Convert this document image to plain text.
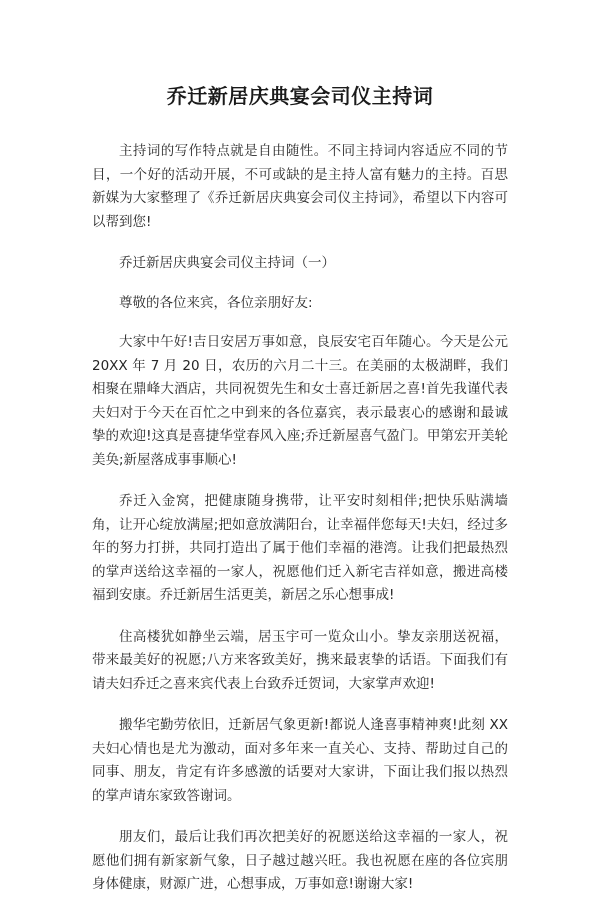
乔迁新居庆典宴会司仪主持词

主持词的写作特点就是自由随性。不同主持词内容适应不同的节目，一个好的活动开展，不可或缺的是主持人富有魅力的主持。百思新媒为大家整理了《乔迁新居庆典宴会司仪主持词》，希望以下内容可以帮到您!

乔迁新居庆典宴会司仪主持词（一）

尊敬的各位来宾，各位亲朋好友:

大家中午好!吉日安居万事如意，良辰安宅百年随心。今天是公元 20XX 年 7 月 20 日，农历的六月二十三。在美丽的太极湖畔，我们相聚在鼎峰大酒店，共同祝贺先生和女士喜迁新居之喜!首先我谨代表夫妇对于今天在百忙之中到来的各位嘉宾，表示最衷心的感谢和最诚挚的欢迎!这真是喜捷华堂春风入座;乔迁新屋喜气盈门。甲第宏开美轮美奂;新屋落成事事顺心!

乔迁入金窝，把健康随身携带，让平安时刻相伴;把快乐贴满墙角，让开心绽放满屋;把如意放满阳台，让幸福伴您每天!夫妇，经过多年的努力打拼，共同打造出了属于他们幸福的港湾。让我们把最热烈的掌声送给这幸福的一家人，祝愿他们迁入新宅吉祥如意，搬进高楼福到安康。乔迁新居生活更美，新居之乐心想事成!

住高楼犹如静坐云端，居玉宇可一览众山小。挚友亲朋送祝福，带来最美好的祝愿;八方来客致美好，携来最衷挚的话语。下面我们有请夫妇乔迁之喜来宾代表上台致乔迁贺词，大家掌声欢迎!

搬华宅勤劳依旧，迁新居气象更新!都说人逢喜事精神爽!此刻 XX 夫妇心情也是尤为激动，面对多年来一直关心、支持、帮助过自己的同事、朋友，肯定有许多感激的话要对大家讲，下面让我们报以热烈的掌声请东家致答谢词。

朋友们，最后让我们再次把美好的祝愿送给这幸福的一家人，祝愿他们拥有新家新气象，日子越过越兴旺。我也祝愿在座的各位宾朋身体健康，财源广进，心想事成，万事如意!谢谢大家!
